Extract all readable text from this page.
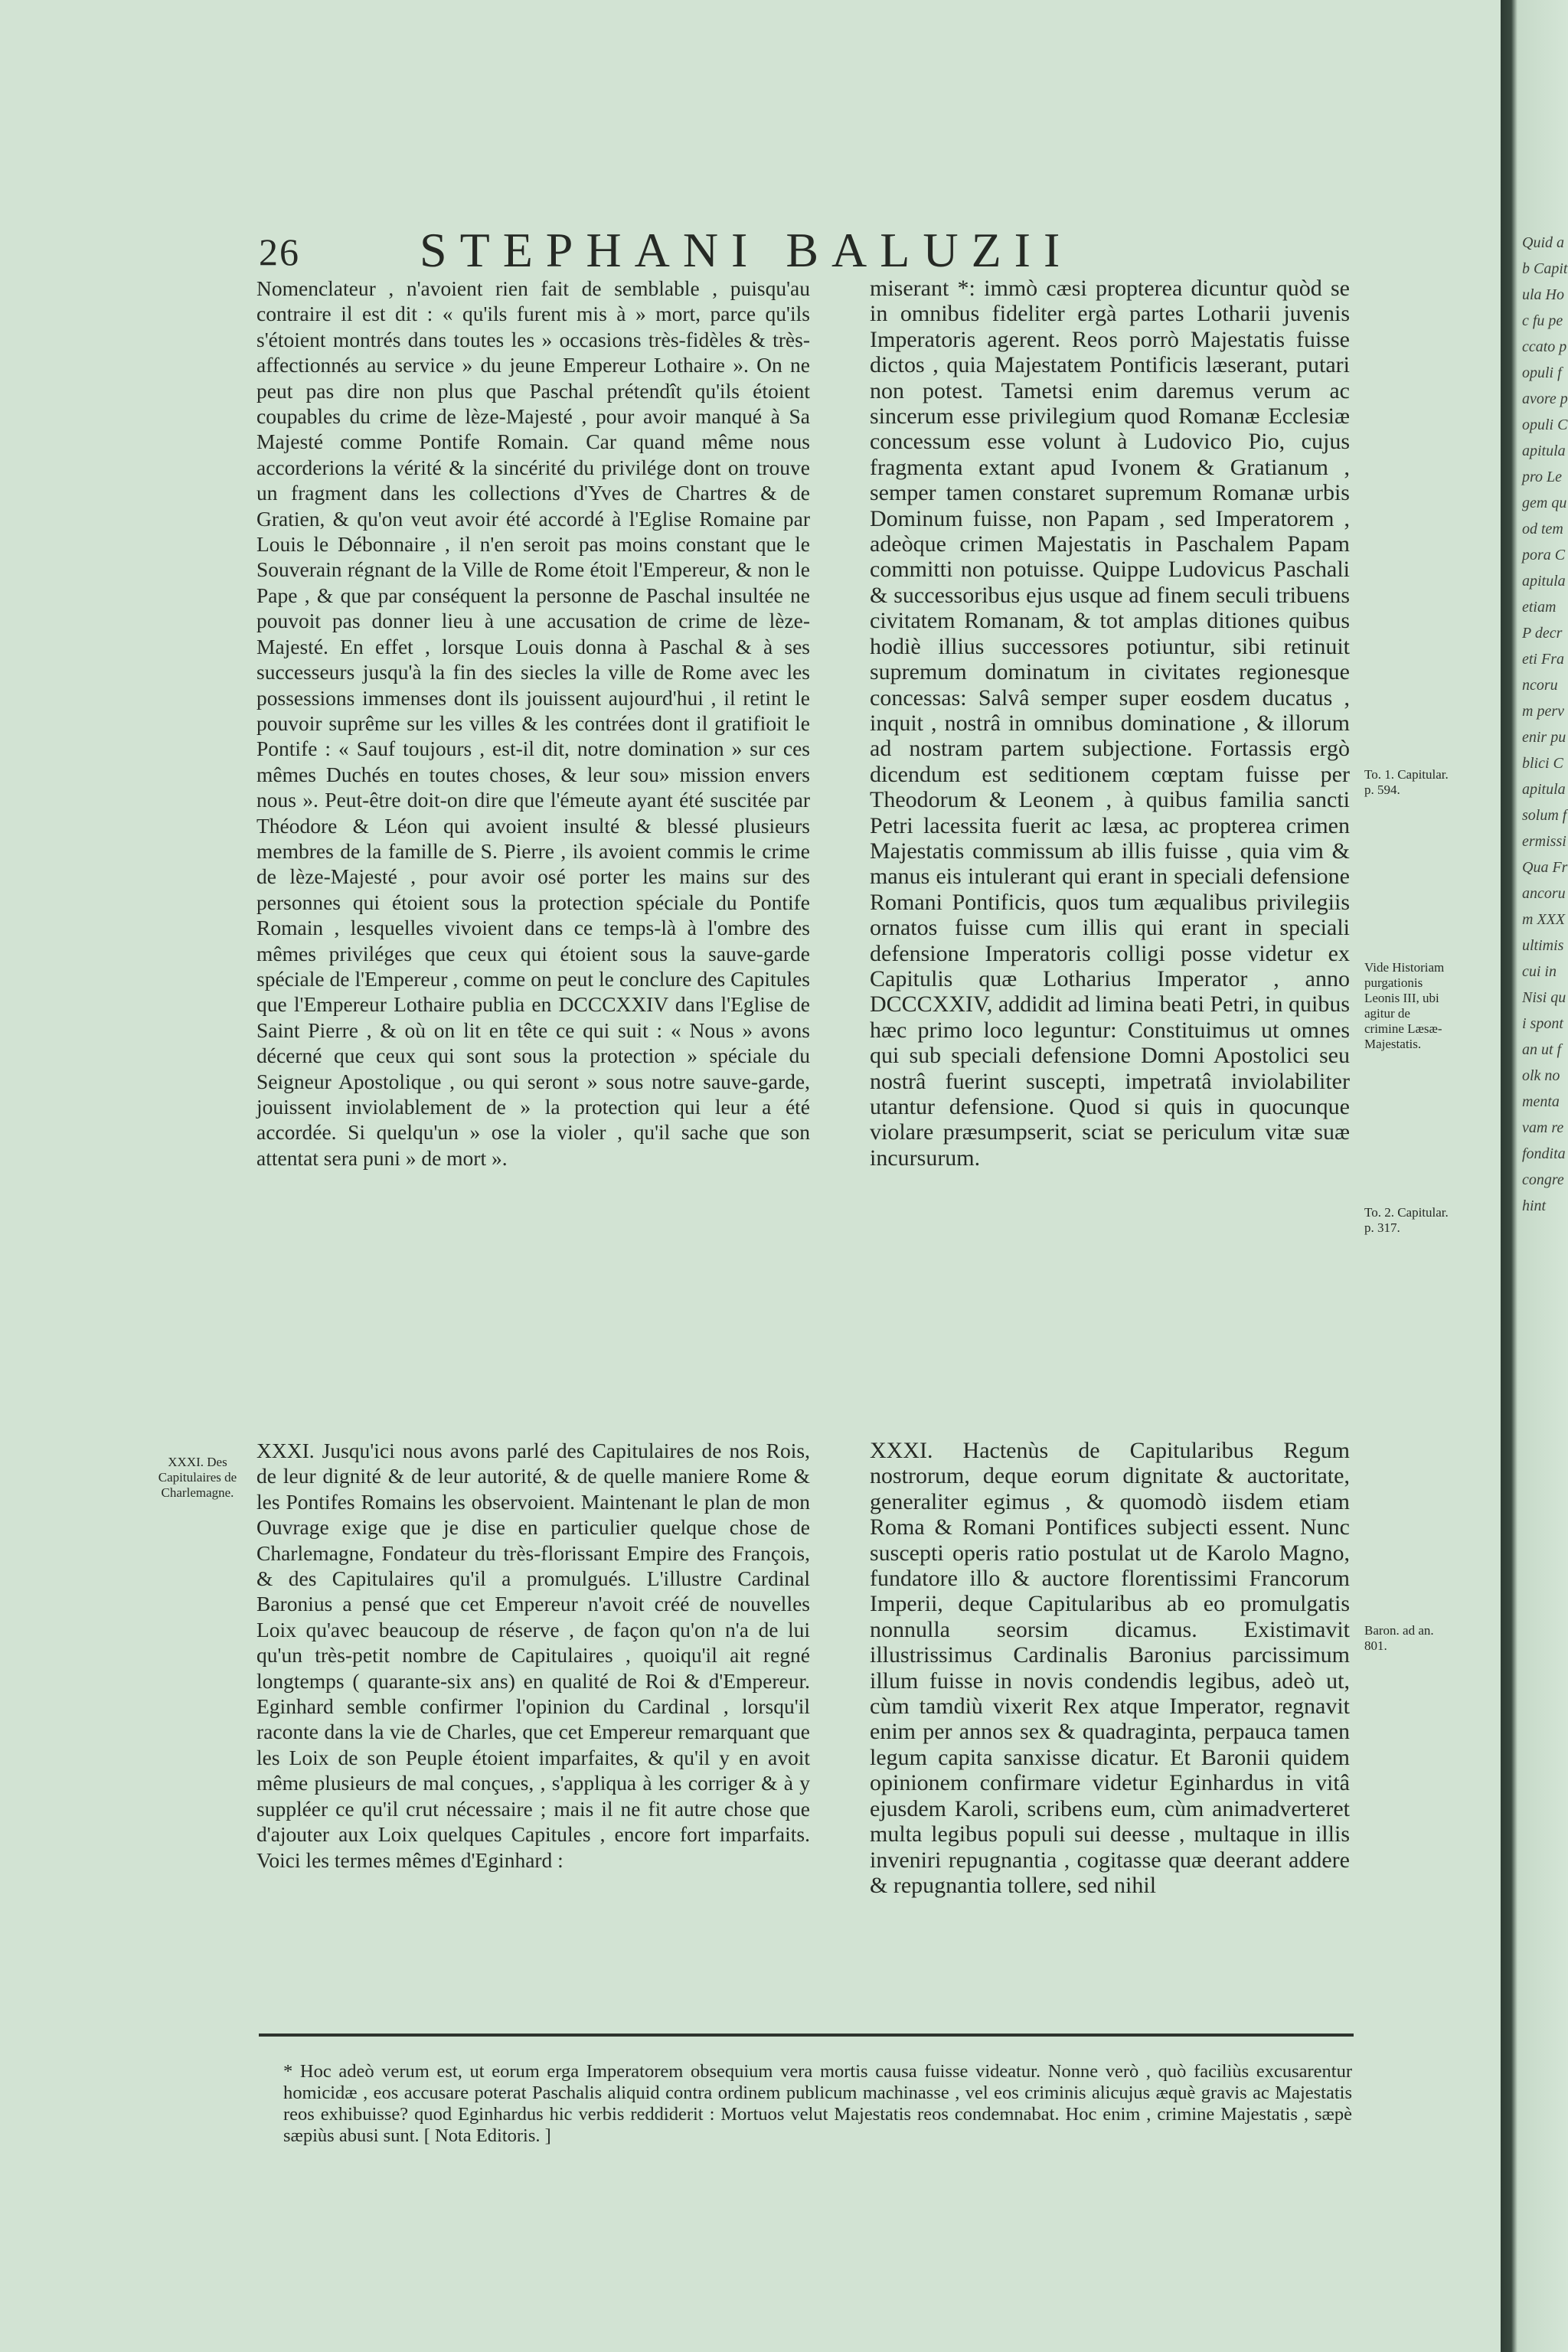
26 STEPHANI BALUZII

Nomenclateur , n'avoient rien fait de semblable , puisqu'au contraire il est dit : « qu'ils furent mis à » mort, parce qu'ils s'étoient montrés dans toutes les » occasions très-fidèles & très-affectionnés au service » du jeune Empereur Lothaire ». On ne peut pas dire non plus que Paschal prétendît qu'ils étoient coupables du crime de lèze-Majesté , pour avoir manqué à Sa Majesté comme Pontife Romain. Car quand même nous accorderions la vérité & la sincérité du privilége dont on trouve un fragment dans les collections d'Yves de Chartres & de Gratien, & qu'on veut avoir été accordé à l'Eglise Romaine par Louis le Débonnaire , il n'en seroit pas moins constant que le Souverain régnant de la Ville de Rome étoit l'Empereur, & non le Pape , & que par conséquent la personne de Paschal insultée ne pouvoit pas donner lieu à une accusation de crime de lèze-Majesté. En effet , lorsque Louis donna à Paschal & à ses successeurs jusqu'à la fin des siecles la ville de Rome avec les possessions immenses dont ils jouissent aujourd'hui , il retint le pouvoir suprême sur les villes & les contrées dont il gratifioit le Pontife : « Sauf toujours , est-il dit, notre domination » sur ces mêmes Duchés en toutes choses, & leur sou» mission envers nous ». Peut-être doit-on dire que l'émeute ayant été suscitée par Théodore & Léon qui avoient insulté & blessé plusieurs membres de la famille de S. Pierre , ils avoient commis le crime de lèze-Majesté , pour avoir osé porter les mains sur des personnes qui étoient sous la protection spéciale du Pontife Romain , lesquelles vivoient dans ce temps-là à l'ombre des mêmes priviléges que ceux qui étoient sous la sauve-garde spéciale de l'Empereur , comme on peut le conclure des Capitules que l'Empereur Lothaire publia en DCCCXXIV dans l'Eglise de Saint Pierre , & où on lit en tête ce qui suit : « Nous » avons décerné que ceux qui sont sous la protection » spéciale du Seigneur Apostolique , ou qui seront » sous notre sauve-garde, jouissent inviolablement de » la protection qui leur a été accordée. Si quelqu'un » ose la violer , qu'il sache que son attentat sera puni » de mort ».

miserant *: immò cæsi propterea dicuntur quòd se in omnibus fideliter ergà partes Lotharii juvenis Imperatoris agerent. Reos porrò Majestatis fuisse dictos , quia Majestatem Pontificis læserant, putari non potest. Tametsi enim daremus verum ac sincerum esse privilegium quod Romanæ Ecclesiæ concessum esse volunt à Ludovico Pio, cujus fragmenta extant apud Ivonem & Gratianum , semper tamen constaret supremum Romanæ urbis Dominum fuisse, non Papam , sed Imperatorem , adeòque crimen Majestatis in Paschalem Papam committi non potuisse. Quippe Ludovicus Paschali & successoribus ejus usque ad finem seculi tribuens civitatem Romanam, & tot amplas ditiones quibus hodiè illius successores potiuntur, sibi retinuit supremum dominatum in civitates regionesque concessas: Salvâ semper super eosdem ducatus , inquit , nostrâ in omnibus dominatione , & illorum ad nostram partem subjectione. Fortassis ergò dicendum est seditionem cœptam fuisse per Theodorum & Leonem , à quibus familia sancti Petri lacessita fuerit ac læsa, ac propterea crimen Majestatis commissum ab illis fuisse , quia vim & manus eis intulerant qui erant in speciali defensione Romani Pontificis, quos tum æqualibus privilegiis ornatos fuisse cum illis qui erant in speciali defensione Imperatoris colligi posse videtur ex Capitulis quæ Lotharius Imperator , anno DCCCXXIV, addidit ad limina beati Petri, in quibus hæc primo loco leguntur: Constituimus ut omnes qui sub speciali defensione Domni Apostolici seu nostrâ fuerint suscepti, impetratâ inviolabiliter utantur defensione. Quod si quis in quocunque violare præsumpserit, sciat se periculum vitæ suæ incursurum.

XXXI. Jusqu'ici nous avons parlé des Capitulaires de nos Rois, de leur dignité & de leur autorité, & de quelle maniere Rome & les Pontifes Romains les observoient. Maintenant le plan de mon Ouvrage exige que je dise en particulier quelque chose de Charlemagne, Fondateur du très-florissant Empire des François, & des Capitulaires qu'il a promulgués. L'illustre Cardinal Baronius a pensé que cet Empereur n'avoit créé de nouvelles Loix qu'avec beaucoup de réserve , de façon qu'on n'a de lui qu'un très-petit nombre de Capitulaires , quoiqu'il ait regné longtemps ( quarante-six ans) en qualité de Roi & d'Empereur. Eginhard semble confirmer l'opinion du Cardinal , lorsqu'il raconte dans la vie de Charles, que cet Empereur remarquant que les Loix de son Peuple étoient imparfaites, & qu'il y en avoit même plusieurs de mal conçues, , s'appliqua à les corriger & à y suppléer ce qu'il crut nécessaire ; mais il ne fit autre chose que d'ajouter aux Loix quelques Capitules , encore fort imparfaits. Voici les termes mêmes d'Eginhard :

XXXI. Hactenùs de Capitularibus Regum nostrorum, deque eorum dignitate & auctoritate, generaliter egimus , & quomodò iisdem etiam Roma & Romani Pontifices subjecti essent. Nunc suscepti operis ratio postulat ut de Karolo Magno, fundatore illo & auctore florentissimi Francorum Imperii, deque Capitularibus ab eo promulgatis nonnulla seorsim dicamus. Existimavit illustrissimus Cardinalis Baronius parcissimum illum fuisse in novis condendis legibus, adeò ut, cùm tamdiù vixerit Rex atque Imperator, regnavit enim per annos sex & quadraginta, perpauca tamen legum capita sanxisse dicatur. Et Baronii quidem opinionem confirmare videtur Eginhardus in vitâ ejusdem Karoli, scribens eum, cùm animadverteret multa legibus populi sui deesse , multaque in illis inveniri repugnantia , cogitasse quæ deerant addere & repugnantia tollere, sed nihil

XXXI. Des Capitulaires de Charlemagne.
To. 1. Capitular. p. 594.
Vide Historiam purgationis Leonis III, ubi agitur de crimine Læsæ-Majestatis.
To. 2. Capitular. p. 317.
Baron. ad an. 801.
* Hoc adeò verum est, ut eorum erga Imperatorem obsequium vera mortis causa fuisse videatur. Nonne verò , quò faciliùs excusarentur homicidæ , eos accusare poterat Paschalis aliquid contra ordinem publicum machinasse , vel eos criminis alicujus æquè gravis ac Majestatis reos exhibuisse? quod Eginhardus hic verbis reddiderit : Mortuos velut Majestatis reos condemnabat. Hoc enim , crimine Majestatis , sæpè sæpiùs abusi sunt. [ Nota Editoris. ]
Quid ab Capitula Hoc fu peccato populi favore populi Capitula pro Legem quod tempora Capitula etiam P decreti Francorum pervenir publici Capitula solum fermissi Qua Francorum XXX ultimis cui in Nisi qui spontan ut folk nomenta vam re fondita congre hint
